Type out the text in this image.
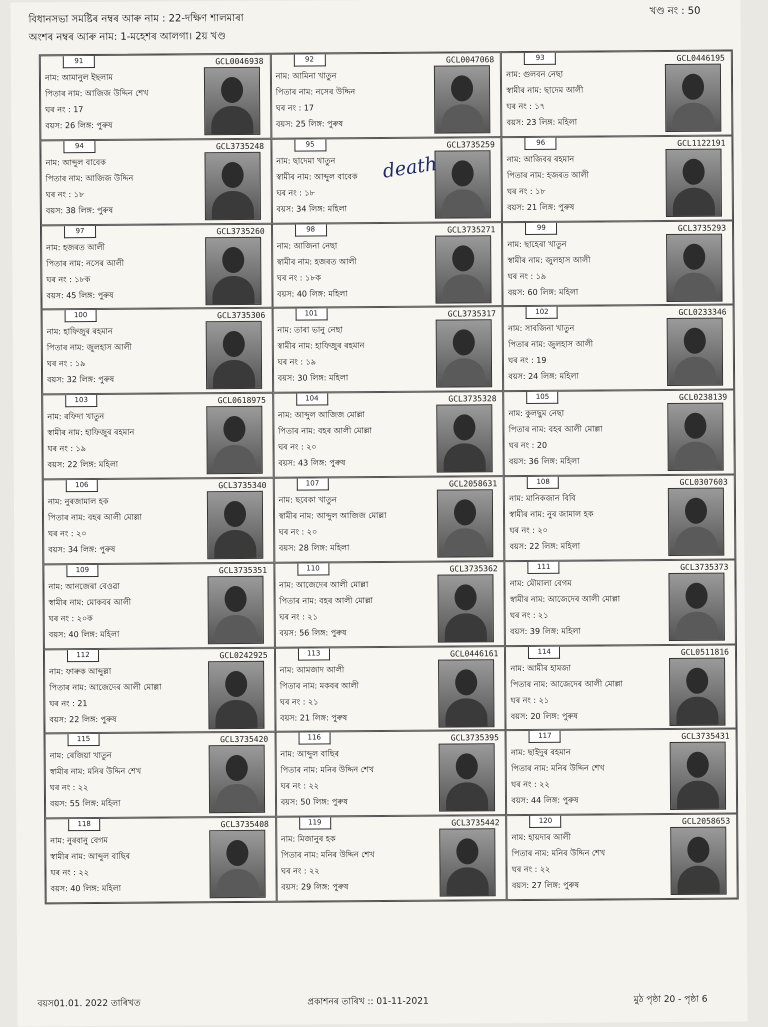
বিধানসভা সমষ্টিৰ নম্বৰ আৰু নাম : 22-দক্ষিণ শালমাৰা
অংশৰ নম্বৰ আৰু নাম: 1-মহেশৰ আলগা। 2য় খণ্ড
খণ্ড নং : 50
91	GCL0046938
নাম: আমানুল ইছলাম
পিতাৰ নাম: আজিজ উদ্দিন শেখ
ঘৰ নং : 17
বয়স: 26 লিঙ্গ: পুৰুষ
92	GCL0047068
নাম: আমিনা খাতুন
পিতাৰ নাম: নসেৰ উদ্দিন
ঘৰ নং : 17
বয়স: 25 লিঙ্গ: পুৰুষ
93	GCL0446195
নাম: গুলবন নেছা
স্বামীৰ নাম: ছাদেম আলী
ঘৰ নং : ১৭
বয়স: 23 লিঙ্গ: মহিলা
94	GCL3735248
নাম: আব্দুল বাবেক
পিতাৰ নাম: আজিজ উদ্দিন
ঘৰ নং : ১৮
বয়স: 38 লিঙ্গ: পুৰুষ
95	GCL3735259
নাম: ছাদেমা খাতুন
স্বামীৰ নাম: আব্দুল বাবেক
ঘৰ নং : ১৮
বয়স: 34 লিঙ্গ: মহিলা
death
96	GCL1122191
নাম: আজিবৰ ৰহমান
পিতাৰ নাম: হজৰত আলী
ঘৰ নং : ১৮
বয়স: 21 লিঙ্গ: পুৰুষ
97	GCL3735260
নাম: হজৰত আলী
পিতাৰ নাম: নসেৰ আলী
ঘৰ নং : ১৮ক
বয়স: 45 লিঙ্গ: পুৰুষ
98	GCL3735271
নাম: আজিনা নেছা
স্বামীৰ নাম: হজৰত আলী
ঘৰ নং : ১৮ক
বয়স: 40 লিঙ্গ: মহিলা
99	GCL3735293
নাম: ছাহেৰা খাতুন
স্বামীৰ নাম: জুলহাস আলী
ঘৰ নং : ১৯
বয়স: 60 লিঙ্গ: মহিলা
100	GCL3735306
নাম: হাফিজুৰ ৰহমান
পিতাৰ নাম: জুলহাস আলী
ঘৰ নং : ১৯
বয়স: 32 লিঙ্গ: পুৰুষ
101	GCL3735317
নাম: তাৰা ভানু নেছা
স্বামীৰ নাম: হাফিজুৰ ৰহমান
ঘৰ নং : ১৯
বয়স: 30 লিঙ্গ: মহিলা
102	GCL0233346
নাম: সাবজিনা খাতুন
পিতাৰ নাম: জুলহাস আলী
ঘৰ নং : 19
বয়স: 24 লিঙ্গ: মহিলা
103	GCL0618975
নাম: ৰফিদা খাতুন
স্বামীৰ নাম: হাফিজুৰ ৰহমান
ঘৰ নং : ১৯
বয়স: 22 লিঙ্গ: মহিলা
104	GCL3735328
নাম: আব্দুল আজিজ মোল্লা
পিতাৰ নাম: বহৰ আলী মোল্লা
ঘৰ নং : ২০
বয়স: 43 লিঙ্গ: পুৰুষ
105	GCL0238139
নাম: কুলছুম নেছা
পিতাৰ নাম: বহৰ আলী মোল্লা
ঘৰ নং : 20
বয়স: 36 লিঙ্গ: মহিলা
106	GCL3735340
নাম: নুৰজামাল হক
পিতাৰ নাম: বহৰ আলী মোল্লা
ঘৰ নং : ২০
বয়স: 34 লিঙ্গ: পুৰুষ
107	GCL2058631
নাম: ছবেকা খাতুন
স্বামীৰ নাম: আব্দুল আজিজ মোল্লা
ঘৰ নং : ২০
বয়স: 28 লিঙ্গ: মহিলা
108	GCL0307603
নাম: মানিকজান বিবি
স্বামীৰ নাম: নুৰ জামাল হক
ঘৰ নং : ২০
বয়স: 22 লিঙ্গ: মহিলা
109	GCL3735351
নাম: আনজেৰা বেওৱা
স্বামীৰ নাম: মোকবৰ আলী
ঘৰ নং : ২০ক
বয়স: 40 লিঙ্গ: মহিলা
110	GCL3735362
নাম: আজেদেৰ আলী মোল্লা
পিতাৰ নাম: বহৰ আলী মোল্লা
ঘৰ নং : ২১
বয়স: 56 লিঙ্গ: পুৰুষ
111	GCL3735373
নাম: মৌমালা বেগম
স্বামীৰ নাম: আজেদেৰ আলী মোল্লা
ঘৰ নং : ২১
বয়স: 39 লিঙ্গ: মহিলা
112	GCL0242925
নাম: ফাৰুক আব্দুল্লা
পিতাৰ নাম: আজেদেৰ আলী মোল্লা
ঘৰ নং : 21
বয়স: 22 লিঙ্গ: পুৰুষ
113	GCL0446161
নাম: আমজাদ আলী
পিতাৰ নাম: মকবৰ আলী
ঘৰ নং : ২১
বয়স: 21 লিঙ্গ: পুৰুষ
114	GCL0511816
নাম: আমীৰ হামজা
পিতাৰ নাম: আজেদেৰ আলী মোল্লা
ঘৰ নং : ২১
বয়স: 20 লিঙ্গ: পুৰুষ
115	GCL3735420
নাম: ৰেজিয়া খাতুন
স্বামীৰ নাম: মনিৰ উদ্দিন শেখ
ঘৰ নং : ২২
বয়স: 55 লিঙ্গ: মহিলা
116	GCL3735395
নাম: আব্দুল বাছিৰ
পিতাৰ নাম: মনিৰ উদ্দিন শেখ
ঘৰ নং : ২২
বয়স: 50 লিঙ্গ: পুৰুষ
117	GCL3735431
নাম: ছাইদুৰ ৰহমান
পিতাৰ নাম: মনিৰ উদ্দিন শেখ
ঘৰ নং : ২২
বয়স: 44 লিঙ্গ: পুৰুষ
118	GCL3735408
নাম: নুৰবানু বেগম
স্বামীৰ নাম: আব্দুল বাছিৰ
ঘৰ নং : ২২
বয়স: 40 লিঙ্গ: মহিলা
119	GCL3735442
নাম: মিজানুৰ হক
পিতাৰ নাম: মনিৰ উদ্দিন শেখ
ঘৰ নং : ২২
বয়স: 29 লিঙ্গ: পুৰুষ
120	GCL2058653
নাম: হায়দাৰ আলী
পিতাৰ নাম: মনিৰ উদ্দিন শেখ
ঘৰ নং : ২২
বয়স: 27 লিঙ্গ: পুৰুষ
বয়স01.01. 2022 তাৰিখত	প্ৰকাশনৰ তাৰিখ :: 01-11-2021	মুঠ পৃষ্ঠা 20 - পৃষ্ঠা 6
